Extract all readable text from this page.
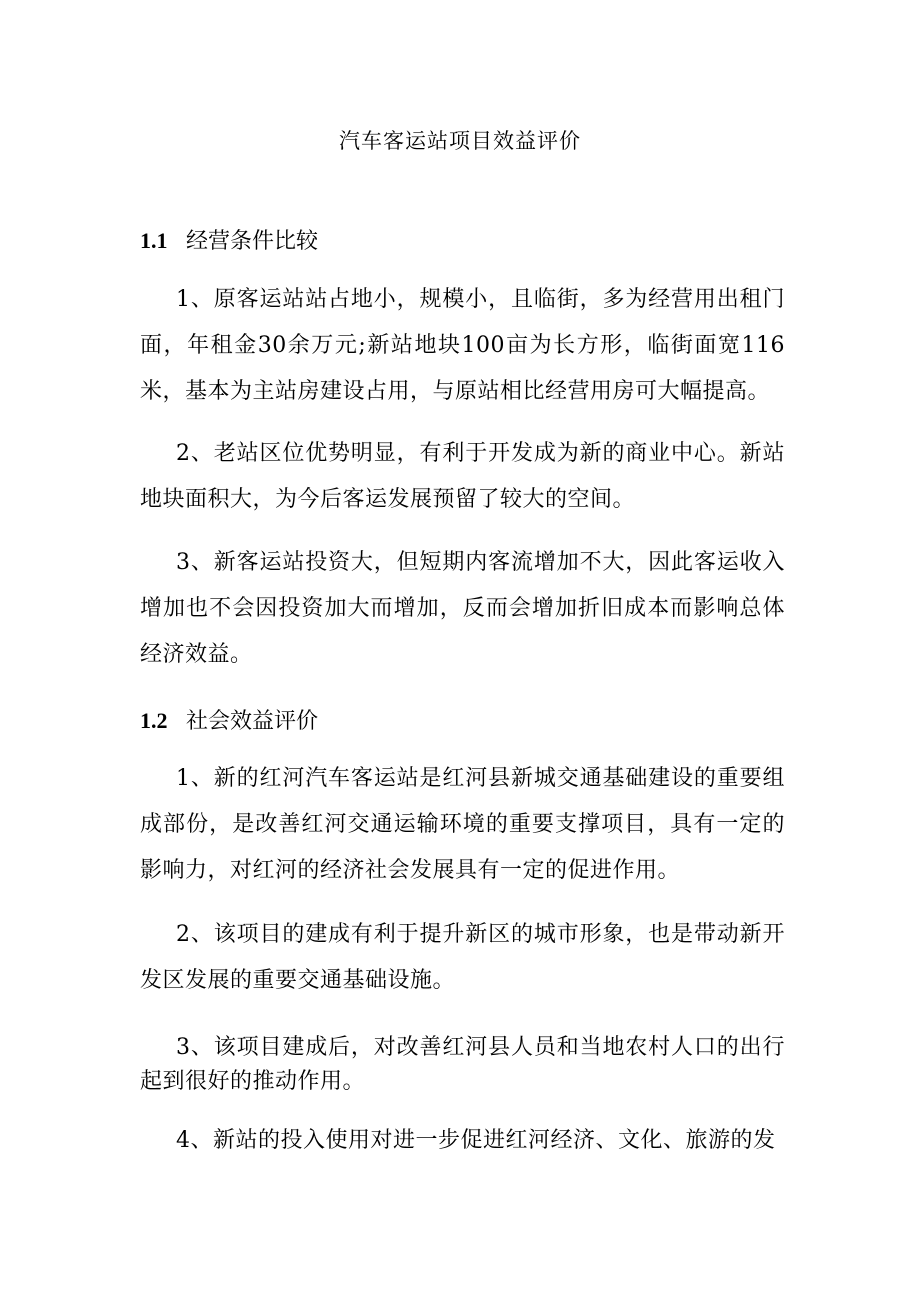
汽车客运站项目效益评价
1.1 经营条件比较
1、原客运站站占地小，规模小，且临街，多为经营用出租门面，年租金30余万元;新站地块100亩为长方形，临街面宽116米，基本为主站房建设占用，与原站相比经营用房可大幅提高。
2、老站区位优势明显，有利于开发成为新的商业中心。新站地块面积大，为今后客运发展预留了较大的空间。
3、新客运站投资大，但短期内客流增加不大，因此客运收入增加也不会因投资加大而增加，反而会增加折旧成本而影响总体经济效益。
1.2 社会效益评价
1、新的红河汽车客运站是红河县新城交通基础建设的重要组成部份，是改善红河交通运输环境的重要支撑项目，具有一定的影响力，对红河的经济社会发展具有一定的促进作用。
2、该项目的建成有利于提升新区的城市形象，也是带动新开发区发展的重要交通基础设施。
3、该项目建成后，对改善红河县人员和当地农村人口的出行起到很好的推动作用。
4、新站的投入使用对进一步促进红河经济、文化、旅游的发
